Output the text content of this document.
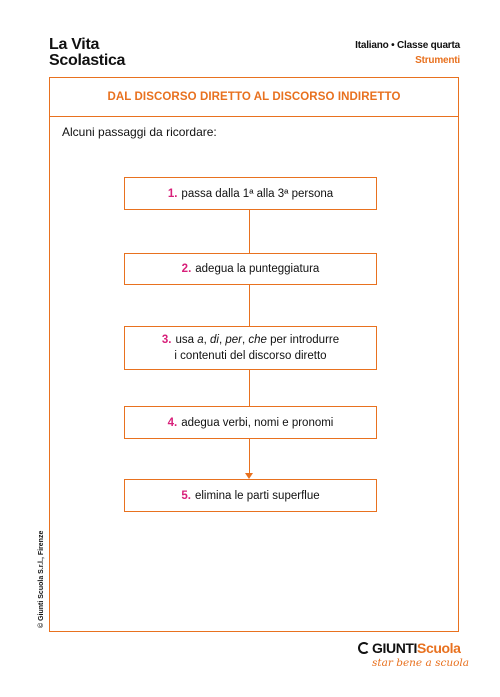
La Vita
Scolastica
Italiano • Classe quarta
Strumenti
DAL DISCORSO DIRETTO AL DISCORSO INDIRETTO
Alcuni passaggi da ricordare:
1. passa dalla 1ª alla 3ª persona
2. adegua la punteggiatura
3. usa a, di, per, che per introdurre
i contenuti del discorso diretto
4. adegua verbi, nomi e pronomi
5. elimina le parti superflue
© Giunti Scuola S.r.l., Firenze
GIUNTI Scuola
star bene a scuola
